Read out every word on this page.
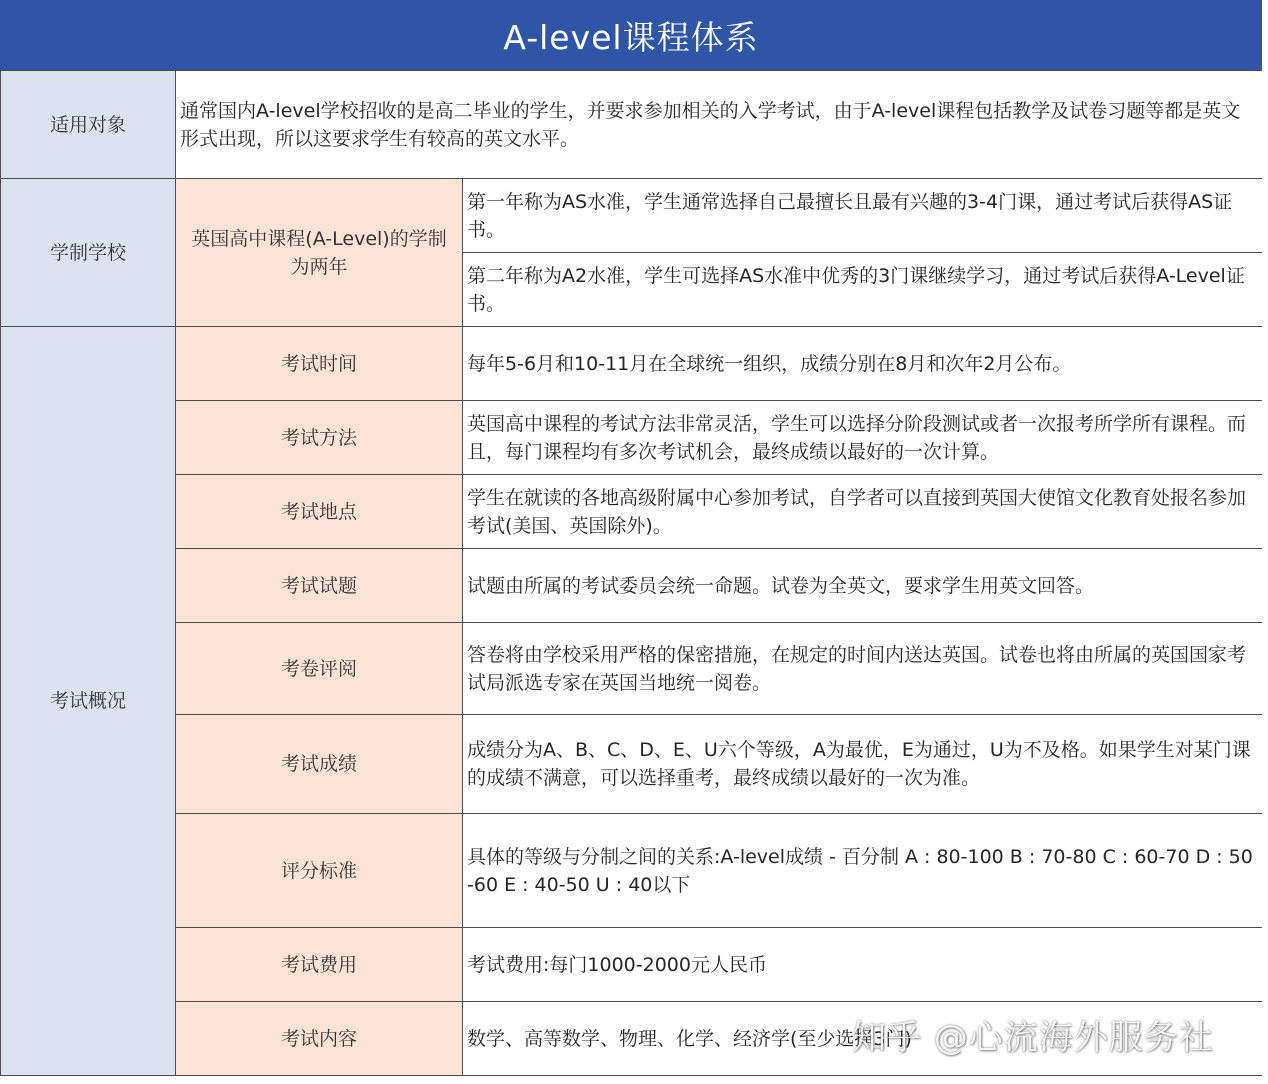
A-level课程体系
适用对象	通常国内A-level学校招收的是高二毕业的学生，并要求参加相关的入学考试，由于A-level课程包括教学及试卷习题等都是英文形式出现，所以这要求学生有较高的英文水平。	
学制学校	英国高中课程(A-Level)的学制为两年	第一年称为AS水准，学生通常选择自己最擅长且最有兴趣的3-4门课，通过考试后获得AS证书。
		第二年称为A2水准，学生可选择AS水准中优秀的3门课继续学习，通过考试后获得A-Level证书。
考试概况	考试时间	每年5-6月和10-11月在全球统一组织，成绩分别在8月和次年2月公布。
	考试方法	英国高中课程的考试方法非常灵活，学生可以选择分阶段测试或者一次报考所学所有课程。而且，每门课程均有多次考试机会，最终成绩以最好的一次计算。
	考试地点	学生在就读的各地高级附属中心参加考试，自学者可以直接到英国大使馆文化教育处报名参加考试(美国、英国除外)。
	考试试题	试题由所属的考试委员会统一命题。试卷为全英文，要求学生用英文回答。
	考卷评阅	答卷将由学校采用严格的保密措施，在规定的时间内送达英国。试卷也将由所属的英国国家考试局派选专家在英国当地统一阅卷。
	考试成绩	成绩分为A、B、C、D、E、U六个等级，A为最优，E为通过，U为不及格。如果学生对某门课的成绩不满意，可以选择重考，最终成绩以最好的一次为准。
	评分标准	具体的等级与分制之间的关系:A-level成绩 - 百分制 A : 80-100 B : 70-80 C : 60-70 D : 50-60 E : 40-50 U : 40以下
	考试费用	考试费用:每门1000-2000元人民币
	考试内容	数学、高等数学、物理、化学、经济学(至少选择3门)
知乎 @心流海外服务社
